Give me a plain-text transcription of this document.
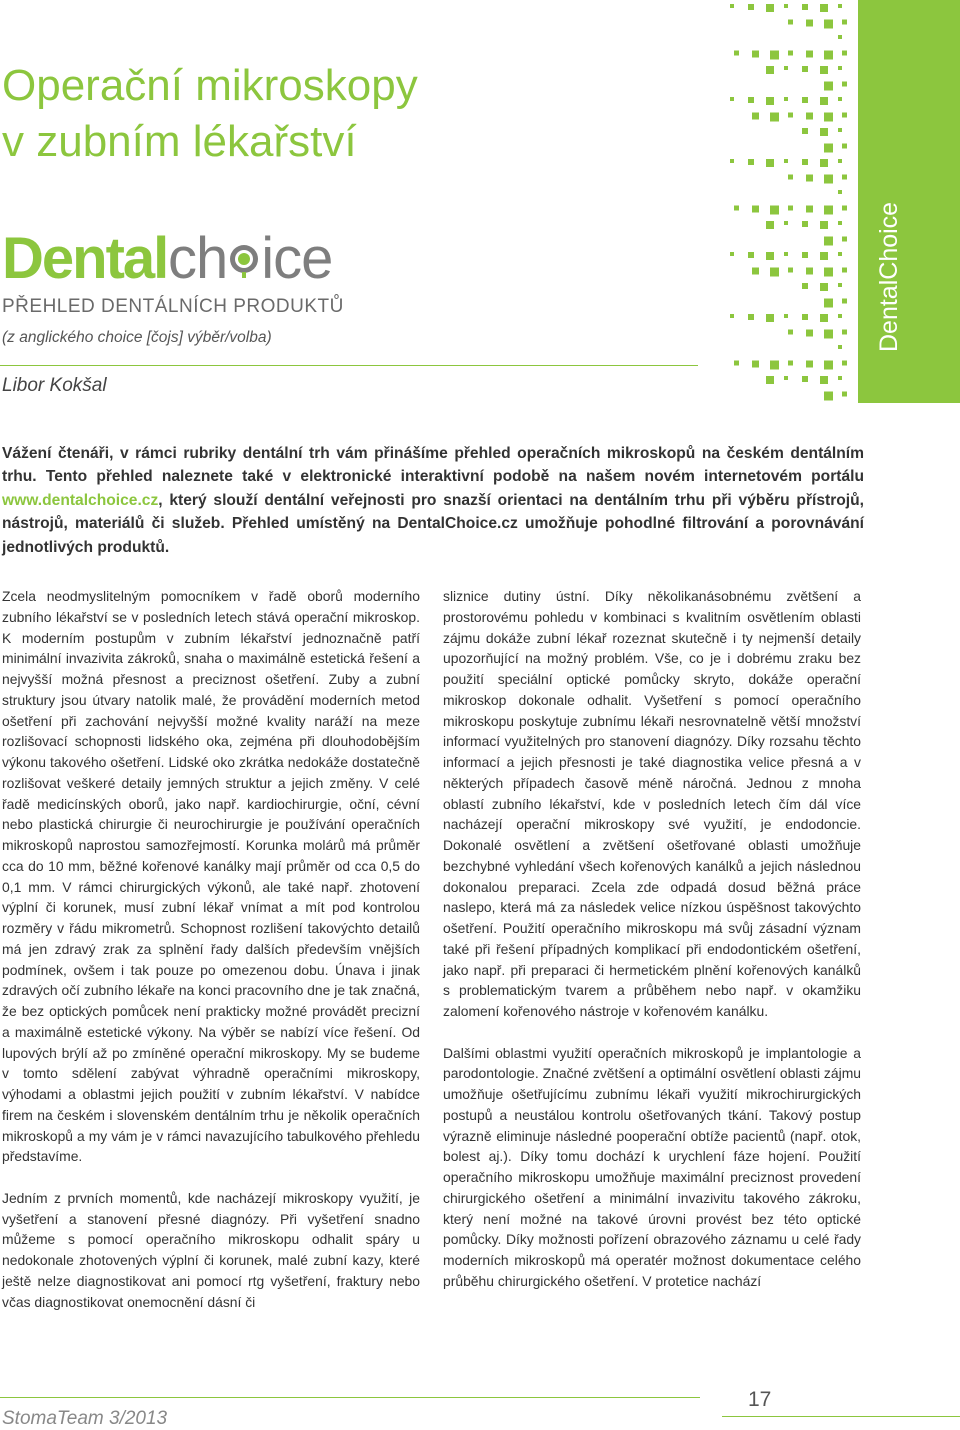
Operační mikroskopy
v zubním lékařství
Dental ch ice
PŘEHLED DENTÁLNÍCH PRODUKTŮ
(z anglického choice [čojs] výběr/volba)
Libor Kokšal
DentalChoice

Vážení čtenáři, v rámci rubriky dentální trh vám přinášíme přehled operačních mikroskopů na českém dentálním trhu. Tento přehled naleznete také v elektronické interaktivní podobě na našem novém internetovém portálu www.dentalchoice.cz, který slouží dentální veřejnosti pro snazší orientaci na dentálním trhu při výběru přístrojů, nástrojů, materiálů či služeb. Přehled umístěný na DentalChoice.cz umožňuje pohodlné filtrování a porovnávání jednotlivých produktů.

Zcela neodmyslitelným pomocníkem v řadě oborů moderního zubního lékařství se v posledních letech stává operační mikroskop. K moderním postupům v zubním lékařství jednoznačně patří minimální invazivita zákroků, snaha o maximálně estetická řešení a nejvyšší možná přesnost a preciznost ošetření. Zuby a zubní struktury jsou útvary natolik malé, že provádění moderních metod ošetření při zachování nejvyšší možné kvality naráží na meze rozlišovací schopnosti lidského oka, zejména při dlouhodobějším výkonu takového ošetření. Lidské oko zkrátka nedokáže dostatečně rozlišovat veškeré detaily jemných struktur a jejich změny. V celé řadě medicínských oborů, jako např. kardiochirurgie, oční, cévní nebo plastická chirurgie či neurochirurgie je používání operačních mikroskopů naprostou samozřejmostí. Korunka molárů má průměr cca do 10 mm, běžné kořenové kanálky mají průměr od cca 0,5 do 0,1 mm. V rámci chirurgických výkonů, ale také např. zhotovení výplní či korunek, musí zubní lékař vnímat a mít pod kontrolou rozměry v řádu mikrometrů. Schopnost rozlišení takovýchto detailů má jen zdravý zrak za splnění řady dalších především vnějších podmínek, ovšem i tak pouze po omezenou dobu. Únava i jinak zdravých očí zubního lékaře na konci pracovního dne je tak značná, že bez optických pomůcek není prakticky možné provádět precizní a maximálně estetické výkony. Na výběr se nabízí více řešení. Od lupových brýlí až po zmíněné operační mikroskopy. My se budeme v tomto sdělení zabývat výhradně operačními mikroskopy, výhodami a oblastmi jejich použití v zubním lékařství. V nabídce firem na českém i slovenském dentálním trhu je několik operačních mikroskopů a my vám je v rámci navazujícího tabulkového přehledu představíme.

Jedním z prvních momentů, kde nacházejí mikroskopy využití, je vyšetření a stanovení přesné diagnózy. Při vyšetření snadno můžeme s pomocí operačního mikroskopu odhalit spáry u nedokonale zhotovených výplní či korunek, malé zubní kazy, které ještě nelze diagnostikovat ani pomocí rtg vyšetření, fraktury nebo včas diagnostikovat onemocnění dásní či

sliznice dutiny ústní. Díky několikanásobnému zvětšení a prostorovému pohledu v kombinaci s kvalitním osvětlením oblasti zájmu dokáže zubní lékař rozeznat skutečně i ty nejmenší detaily upozorňující na možný problém. Vše, co je i dobrému zraku bez použití speciální optické pomůcky skryto, dokáže operační mikroskop dokonale odhalit. Vyšetření s pomocí operačního mikroskopu poskytuje zubnímu lékaři nesrovnatelně větší množství informací využitelných pro stanovení diagnózy. Díky rozsahu těchto informací a jejich přesnosti je také diagnostika velice přesná a v některých případech časově méně náročná. Jednou z mnoha oblastí zubního lékařství, kde v posledních letech čím dál více nacházejí operační mikroskopy své využití, je endodoncie. Dokonalé osvětlení a zvětšení ošetřované oblasti umožňuje bezchybné vyhledání všech kořenových kanálků a jejich následnou dokonalou preparaci. Zcela zde odpadá dosud běžná práce naslepo, která má za následek velice nízkou úspěšnost takovýchto ošetření. Použití operačního mikroskopu má svůj zásadní význam také při řešení případných komplikací při endodontickém ošetření, jako např. při preparaci či hermetickém plnění kořenových kanálků s problematickým tvarem a průběhem nebo např. v okamžiku zalomení kořenového nástroje v kořenovém kanálku.

Dalšími oblastmi využití operačních mikroskopů je implantologie a parodontologie. Značné zvětšení a optimální osvětlení oblasti zájmu umožňuje ošetřujícímu zubnímu lékaři využití mikrochirurgických postupů a neustálou kontrolu ošetřovaných tkání. Takový postup výrazně eliminuje následné pooperační obtíže pacientů (např. otok, bolest aj.). Díky tomu dochází k urychlení fáze hojení. Použití operačního mikroskopu umožňuje maximální preciznost provedení chirurgického ošetření a minimální invazivitu takového zákroku, který není možné na takové úrovni provést bez této optické pomůcky. Díky možnosti pořízení obrazového záznamu u celé řady moderních mikroskopů má operatér možnost dokumentace celého průběhu chirurgického ošetření. V protetice nachází

StomaTeam 3/2013
17
